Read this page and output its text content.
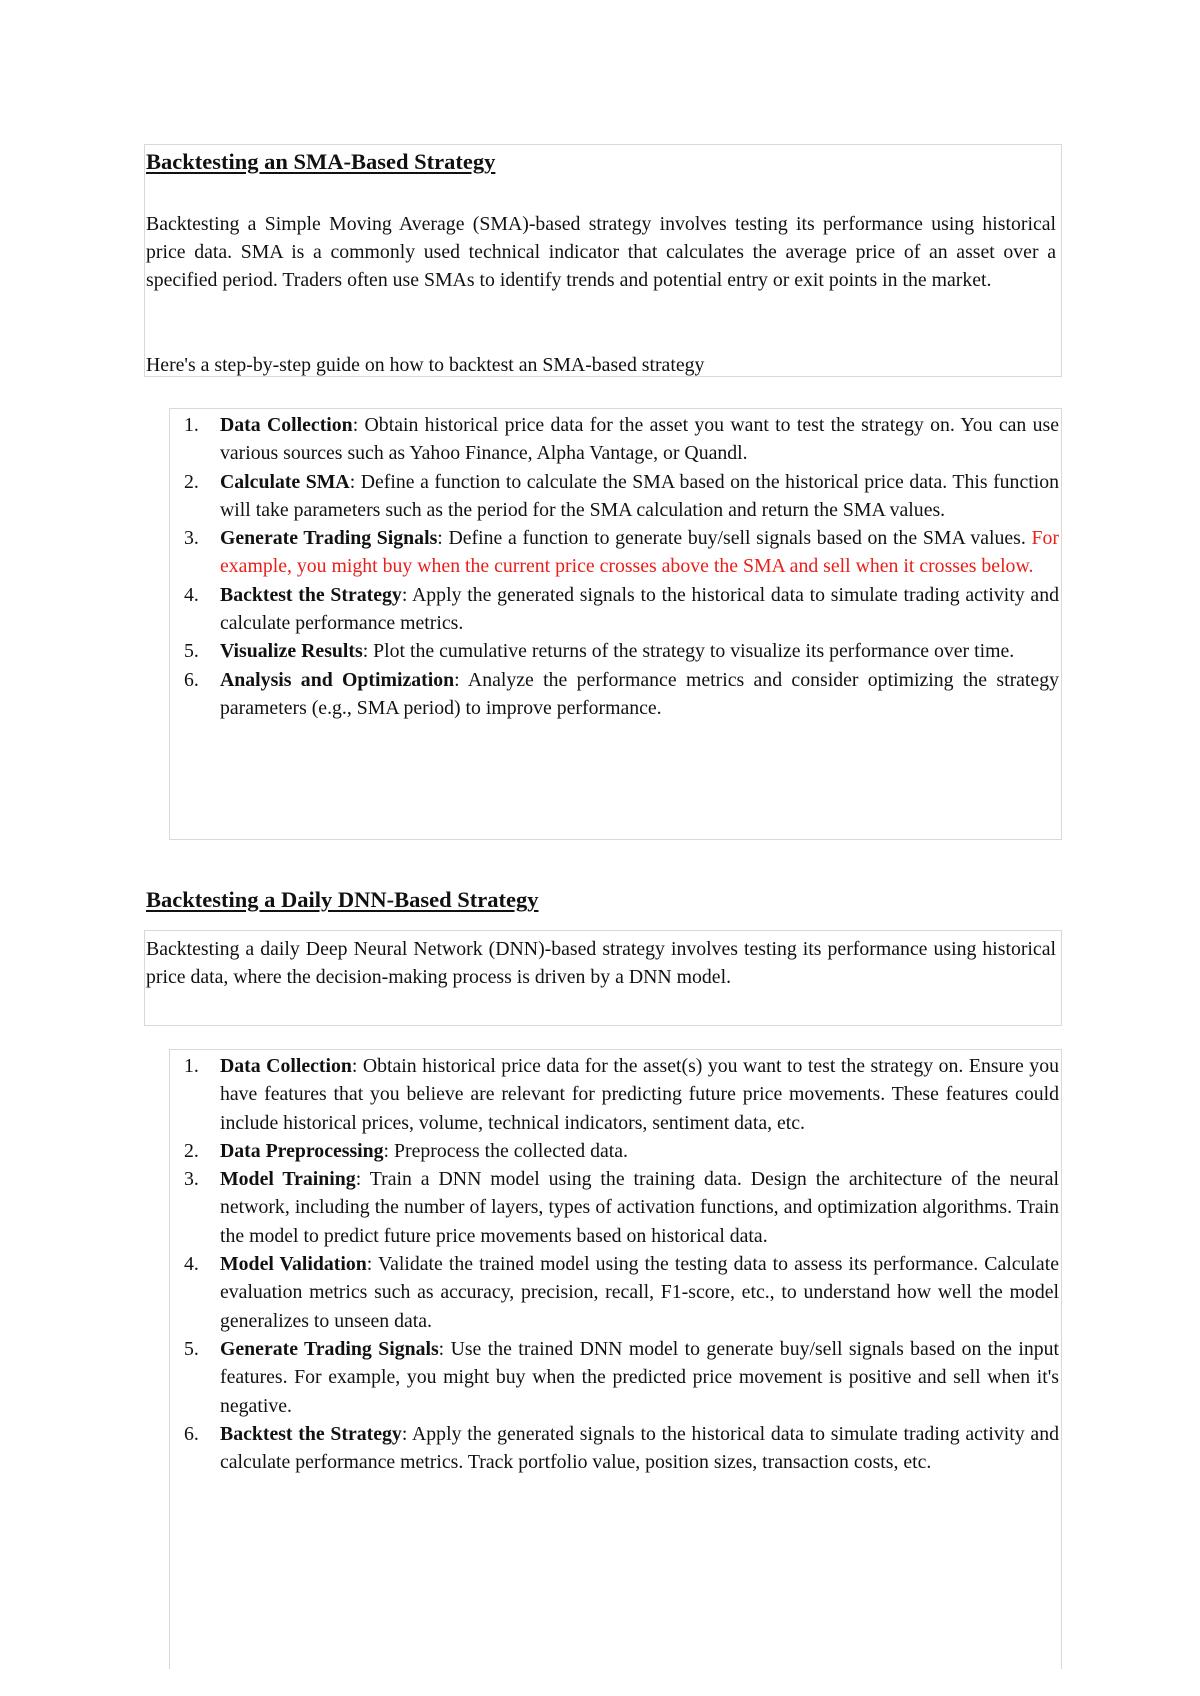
Backtesting an SMA-Based Strategy

Backtesting a Simple Moving Average (SMA)-based strategy involves testing its performance using historical price data. SMA is a commonly used technical indicator that calculates the average price of an asset over a specified period. Traders often use SMAs to identify trends and potential entry or exit points in the market.

Here's a step-by-step guide on how to backtest an SMA-based strategy

1.	Data Collection: Obtain historical price data for the asset you want to test the strategy on. You can use various sources such as Yahoo Finance, Alpha Vantage, or Quandl.
2.	Calculate SMA: Define a function to calculate the SMA based on the historical price data. This function will take parameters such as the period for the SMA calculation and return the SMA values.
3.	Generate Trading Signals: Define a function to generate buy/sell signals based on the SMA values. For example, you might buy when the current price crosses above the SMA and sell when it crosses below.
4.	Backtest the Strategy: Apply the generated signals to the historical data to simulate trading activity and calculate performance metrics.
5.	Visualize Results: Plot the cumulative returns of the strategy to visualize its performance over time.
6.	Analysis and Optimization: Analyze the performance metrics and consider optimizing the strategy parameters (e.g., SMA period) to improve performance.
Backtesting a Daily DNN-Based Strategy

Backtesting a daily Deep Neural Network (DNN)-based strategy involves testing its performance using historical price data, where the decision-making process is driven by a DNN model.

1.	Data Collection: Obtain historical price data for the asset(s) you want to test the strategy on. Ensure you have features that you believe are relevant for predicting future price movements. These features could include historical prices, volume, technical indicators, sentiment data, etc.
2.	Data Preprocessing: Preprocess the collected data.
3.	Model Training: Train a DNN model using the training data. Design the architecture of the neural network, including the number of layers, types of activation functions, and optimization algorithms. Train the model to predict future price movements based on historical data.
4.	Model Validation: Validate the trained model using the testing data to assess its performance. Calculate evaluation metrics such as accuracy, precision, recall, F1-score, etc., to understand how well the model generalizes to unseen data.
5.	Generate Trading Signals: Use the trained DNN model to generate buy/sell signals based on the input features. For example, you might buy when the predicted price movement is positive and sell when it's negative.
6.	Backtest the Strategy: Apply the generated signals to the historical data to simulate trading activity and calculate performance metrics. Track portfolio value, position sizes, transaction costs, etc.
